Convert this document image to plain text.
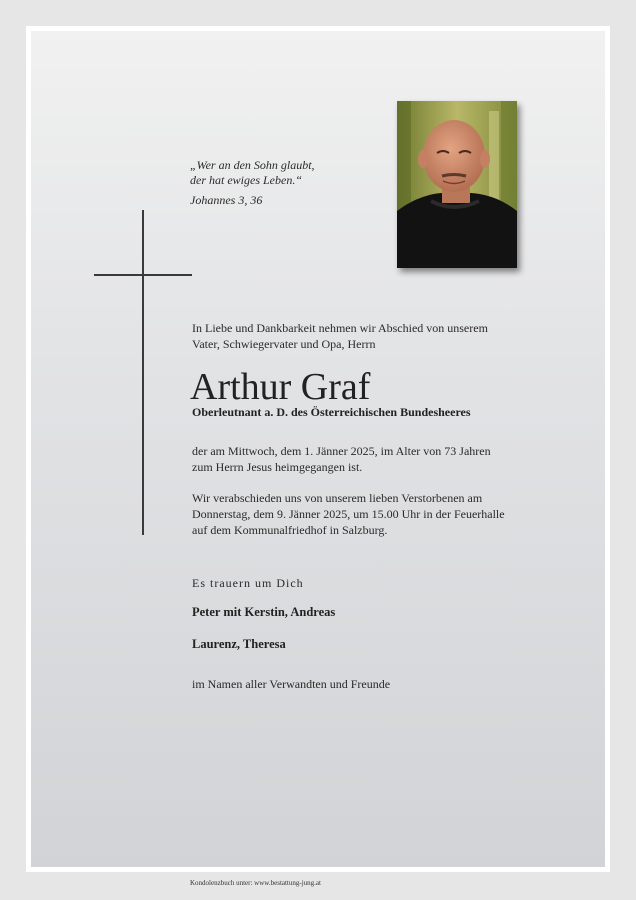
„Wer an den Sohn glaubt,
der hat ewiges Leben.“
Johannes 3, 36
In Liebe und Dankbarkeit nehmen wir Abschied von unserem
Vater, Schwiegervater und Opa, Herrn
Arthur Graf
Oberleutnant a. D. des Österreichischen Bundesheeres
der am Mittwoch, dem 1. Jänner 2025, im Alter von 73 Jahren
zum Herrn Jesus heimgegangen ist.
Wir verabschieden uns von unserem lieben Verstorbenen am
Donnerstag, dem 9. Jänner 2025, um 15.00 Uhr in der Feuerhalle
auf dem Kommunalfriedhof in Salzburg.
Es trauern um Dich
Peter mit Kerstin, Andreas
Laurenz, Theresa
im Namen aller Verwandten und Freunde
Kondolenzbuch unter: www.bestattung-jung.at
